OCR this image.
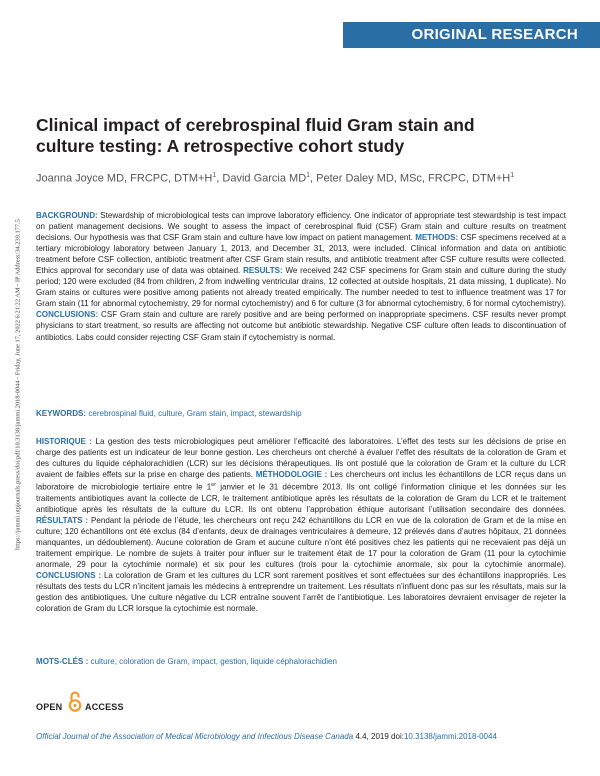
ORIGINAL RESEARCH
https://jammi.utpjournals.press/doi/pdf/10.3138/jammi.2018-0044 - Friday, June 17, 2022 6:21:22 AM - IP Address:34.239.177.5
Clinical impact of cerebrospinal fluid Gram stain and culture testing: A retrospective cohort study
Joanna Joyce MD, FRCPC, $DTM+H^1$, David Garcia $MD^1$, Peter Daley MD, MSc, FRCPC, $DTM+H^1$

BACKGROUND: Stewardship of microbiological tests can improve laboratory efficiency. One indicator of appropriate test stewardship is test impact on patient management decisions. We sought to assess the impact of cerebrospinal fluid (CSF) Gram stain and culture results on treatment decisions. Our hypothesis was that CSF Gram stain and culture have low impact on patient management. METHODS: CSF specimens received at a tertiary microbiology laboratory between January 1, 2013, and December 31, 2013, were included. Clinical information and data on antibiotic treatment before CSF collection, antibiotic treatment after CSF Gram stain results, and antibiotic treatment after CSF culture results were collected. Ethics approval for secondary use of data was obtained. RESULTS: We received 242 CSF specimens for Gram stain and culture during the study period; 120 were excluded (84 from children, 2 from indwelling ventricular drains, 12 collected at outside hospitals, 21 data missing, 1 duplicate). No Gram stains or cultures were positive among patients not already treated empirically. The number needed to test to influence treatment was 17 for Gram stain (11 for abnormal cytochemistry, 29 for normal cytochemistry) and 6 for culture (3 for abnormal cytochemistry, 6 for normal cytochemistry). CONCLUSIONS: CSF Gram stain and culture are rarely positive and are being performed on inappropriate specimens. CSF results never prompt physicians to start treatment, so results are affecting not outcome but antibiotic stewardship. Negative CSF culture often leads to discontinuation of antibiotics. Labs could consider rejecting CSF Gram stain if cytochemistry is normal.

KEYWORDS: cerebrospinal fluid, culture, Gram stain, impact, stewardship

HISTORIQUE : La gestion des tests microbiologiques peut améliorer l’efficacité des laboratoires. L’effet des tests sur les décisions de prise en charge des patients est un indicateur de leur bonne gestion. Les chercheurs ont cherché à évaluer l’effet des résultats de la coloration de Gram et des cultures du liquide céphalorachidien (LCR) sur les décisions thérapeutiques. Ils ont postulé que la coloration de Gram et la culture du LCR avaient de faibles effets sur la prise en charge des patients. MÉTHODOLOGIE : Les chercheurs ont inclus les échantillons de LCR reçus dans un laboratoire de microbiologie tertiaire entre le 1er janvier et le 31 décembre 2013. Ils ont colligé l’information clinique et les données sur les traitements antibiotiques avant la collecte de LCR, le traitement antibiotique après les résultats de la coloration de Gram du LCR et le traitement antibiotique après les résultats de la culture du LCR. Ils ont obtenu l’approbation éthique autorisant l’utilisation secondaire des données. RÉSULTATS : Pendant la période de l’étude, les chercheurs ont reçu 242 échantillons du LCR en vue de la coloration de Gram et de la mise en culture; 120 échantillons ont été exclus (84 d’enfants, deux de drainages ventriculaires à demeure, 12 prélevés dans d’autres hôpitaux, 21 données manquantes, un dédoublement). Aucune coloration de Gram et aucune culture n’ont été positives chez les patients qui ne recevaient pas déjà un traitement empirique. Le nombre de sujets à traiter pour influer sur le traitement était de 17 pour la coloration de Gram (11 pour la cytochimie anormale, 29 pour la cytochimie normale) et six pour les cultures (trois pour la cytochimie anormale, six pour la cytochimie anormale). CONCLUSIONS : La coloration de Gram et les cultures du LCR sont rarement positives et sont effectuées sur des échantillons inappropriés. Les résultats des tests du LCR n’incitent jamais les médecins à entreprendre un traitement. Les résultats n’influent donc pas sur les résultats, mais sur la gestion des antibiotiques. Une culture négative du LCR entraîne souvent l’arrêt de l’antibiotique. Les laboratoires devraient envisager de rejeter la coloration de Gram du LCR lorsque la cytochimie est normale.

MOTS-CLÉS : culture, coloration de Gram, impact, gestion, liquide céphalorachidien
OPEN	ACCESS
Official Journal of the Association of Medical Microbiology and Infectious Disease Canada 4.4, 2019 doi:10.3138/jammi.2018-0044
